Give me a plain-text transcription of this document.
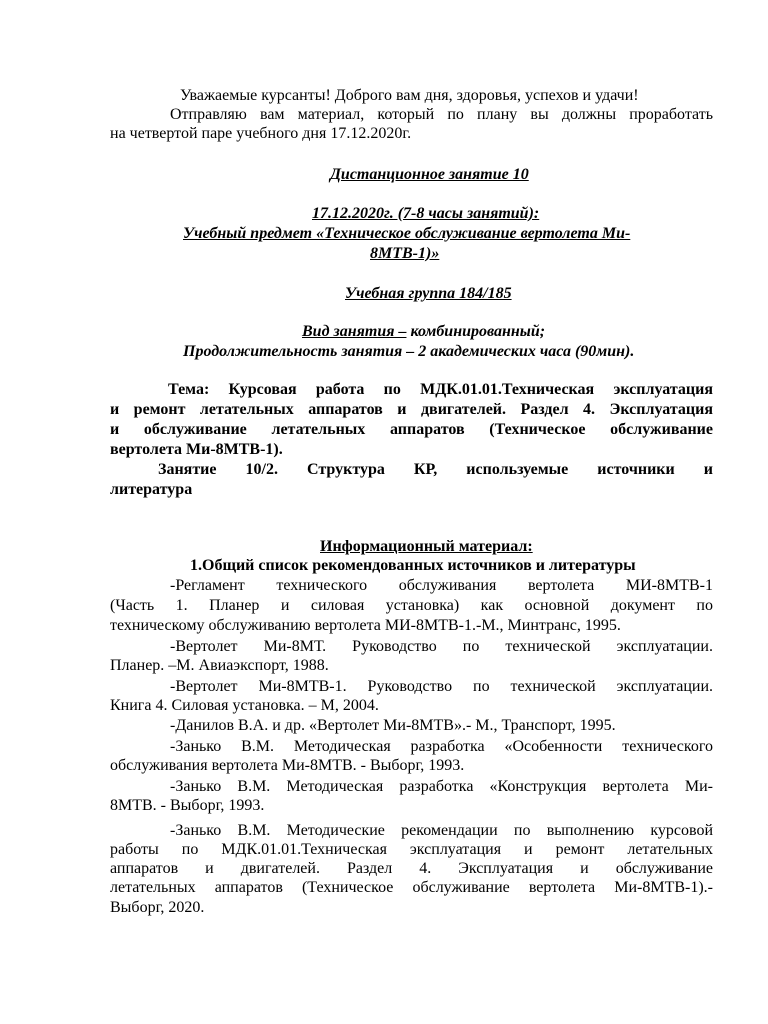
Уважаемые курсанты! Доброго вам дня, здоровья, успехов и удачи!
Отправляю вам материал, который по плану вы должны проработать
на четвертой паре учебного дня 17.12.2020г.
Дистанционное занятие 10
17.12.2020г. (7-8 часы занятий):
Учебный предмет «Техническое обслуживание вертолета Ми-
8МТВ-1)»
Учебная группа 184/185
Вид занятия – комбинированный;
Продолжительность занятия – 2 академических часа (90мин).
Тема: Курсовая работа по МДК.01.01.Техническая эксплуатация
и ремонт летательных аппаратов и двигателей. Раздел 4. Эксплуатация
и обслуживание летательных аппаратов (Техническое обслуживание
вертолета Ми-8МТВ-1).
Занятие 10/2. Структура КР, используемые источники и
литература
Информационный материал:
1.Общий список рекомендованных источников и литературы
-Регламент технического обслуживания вертолета МИ-8МТВ-1
(Часть 1. Планер и силовая установка) как основной документ по
техническому обслуживанию вертолета МИ-8МТВ-1.-М., Минтранс, 1995.
-Вертолет Ми-8МТ. Руководство по технической эксплуатации.
Планер. –М. Авиаэкспорт, 1988.
-Вертолет Ми-8МТВ-1. Руководство по технической эксплуатации.
Книга 4. Силовая установка. – М, 2004.
-Данилов В.А. и др. «Вертолет Ми-8МТВ».- М., Транспорт, 1995.
-Занько В.М. Методическая разработка «Особенности технического
обслуживания вертолета Ми-8МТВ. - Выборг, 1993.
-Занько В.М. Методическая разработка «Конструкция вертолета Ми-
8МТВ. - Выборг, 1993.
-Занько В.М. Методические рекомендации по выполнению курсовой
работы по МДК.01.01.Техническая эксплуатация и ремонт летательных
аппаратов и двигателей. Раздел 4. Эксплуатация и обслуживание
летательных аппаратов (Техническое обслуживание вертолета Ми-8МТВ-1).-
Выборг, 2020.
